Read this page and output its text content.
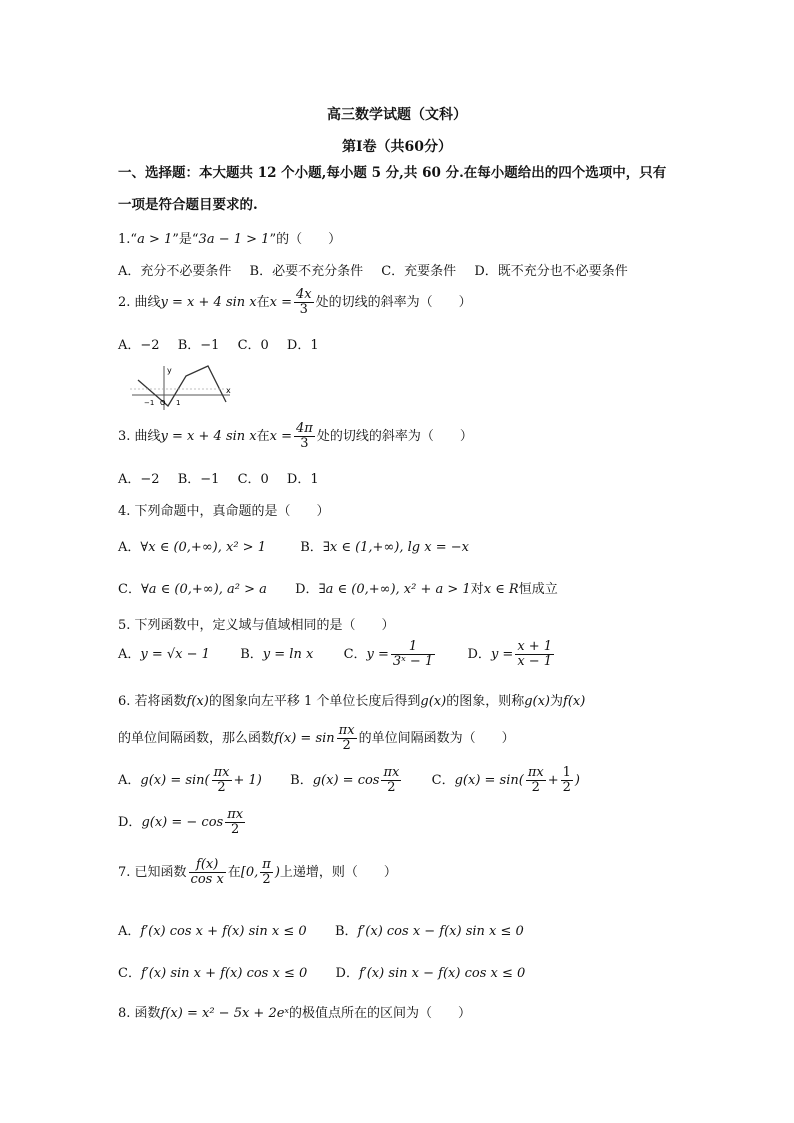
高三数学试题（文科）
第Ⅰ卷（共60分）
一、选择题：本大题共 12 个小题,每小题 5 分,共 60 分.在每小题给出的四个选项中，只有
一项是符合题目要求的.
1.“a > 1”是“3a − 1 > 1”的（　　）
A．充分不必要条件 B．必要不充分条件 C．充要条件 D．既不充分也不必要条件
2. 曲线y = x + 4 sin x在$x = \frac{4x}{3}$ 处的切线的斜率为（　　）
A．−2 B．−1 C．0 D．1
y
x
−1 O 1
3. 曲线y = x + 4 sin x在$x = \frac{4\pi}{3}$ 处的切线的斜率为（　　）
A．−2 B．−1 C．0 D．1
4. 下列命题中，真命题的是（　　）
A．∀x ∈ (0,+∞), x² > 1	B．∃x ∈ (1,+∞), lg x = −x
C．∀a ∈ (0,+∞), a² > a D．∃a ∈ (0,+∞), x² + a > 1对x ∈ R恒成立
5. 下列函数中，定义域与值域相同的是（　　）
A．y = √x − 1 B．y = ln x C．$y = \frac{1}{\text{3ˣ − 1}}$ D．$y = \frac{x + 1}{x - 1}$
6. 若将函数f(x)的图象向左平移 1 个单位长度后得到g(x)的图象，则称g(x)为f(x)
的单位间隔函数，那么函数$f(x) = \sin \frac{\pi x}{2}$ 的单位间隔函数为（　　）
A．$g(x) = \sin( \frac{\pi x}{2} + 1)$ B．$g(x) = \cos \frac{\pi x}{2}$ C．$g(x) = \sin( \frac{\pi x}{2} + \frac{1}{2}$ )
D．g(x) = − $\cos \frac{\pi x}{2}$
7. 已知函数 $\frac{f(x)}{\text{cos x}}$ 在[0, $\frac{\pi}{2}$ )上递增，则（　　）
A．f′(x) cos x + f(x) sin x ≤ 0 B．f′(x) cos x − f(x) sin x ≤ 0
C．f′(x) sin x + f(x) cos x ≤ 0 D．f′(x) sin x − f(x) cos x ≤ 0
8. 函数f(x) = x² − 5x + 2eˣ的极值点所在的区间为（　　）
